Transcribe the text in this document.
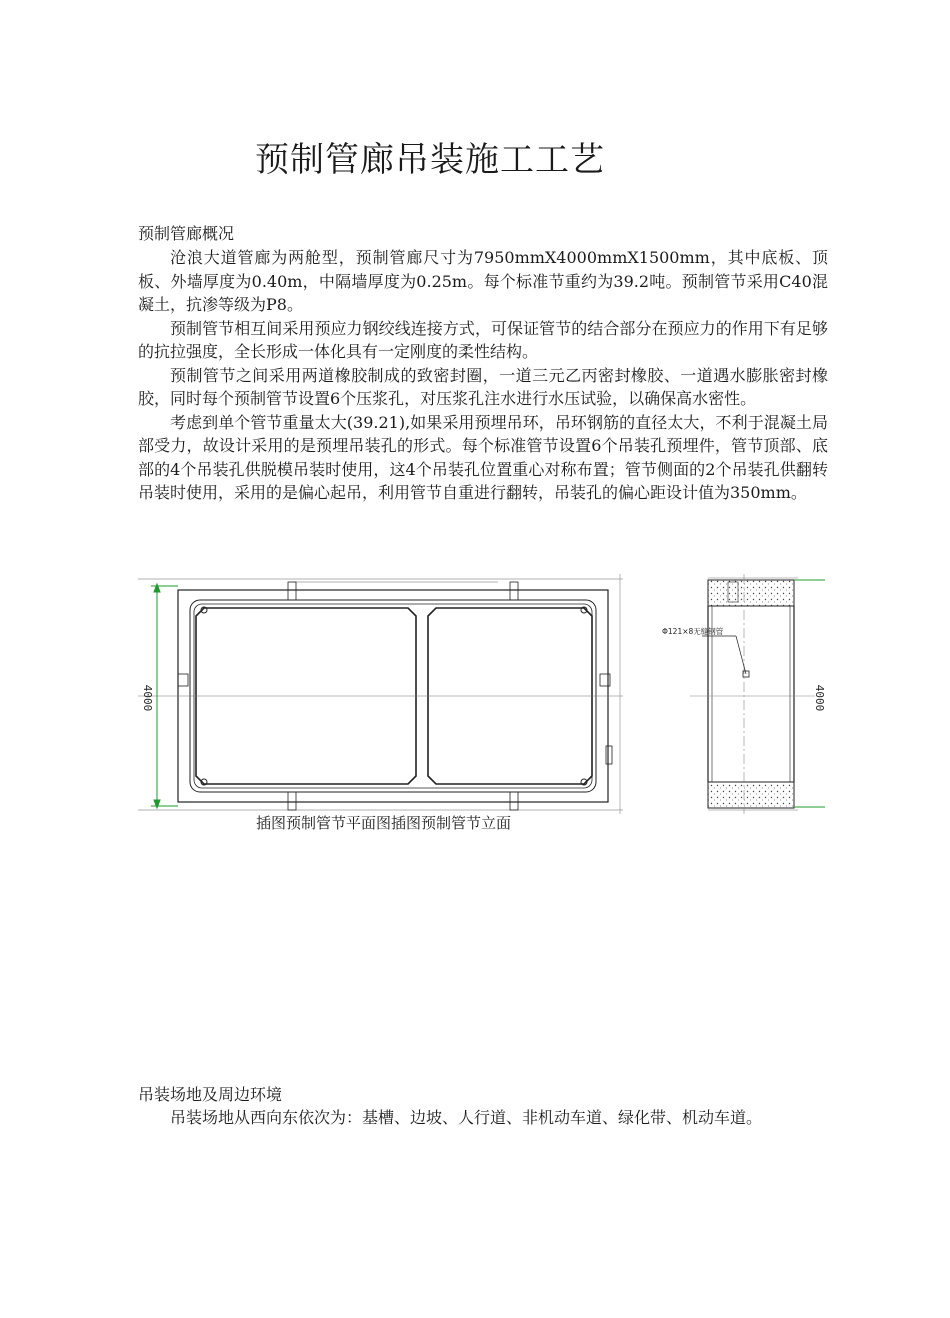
预制管廊吊装施工工艺
预制管廊概况

沧浪大道管廊为两舱型，预制管廊尺寸为7950mmX4000mmX1500mm，其中底板、顶板、外墙厚度为0.40m，中隔墙厚度为0.25m。每个标准节重约为39.2吨。预制管节采用C40混凝土，抗渗等级为P8。

预制管节相互间采用预应力钢绞线连接方式，可保证管节的结合部分在预应力的作用下有足够的抗拉强度，全长形成一体化具有一定刚度的柔性结构。

预制管节之间采用两道橡胶制成的致密封圈，一道三元乙丙密封橡胶、一道遇水膨胀密封橡胶，同时每个预制管节设置6个压浆孔，对压浆孔注水进行水压试验，以确保高水密性。

考虑到单个管节重量太大(39.21),如果采用预埋吊环，吊环钢筋的直径太大，不利于混凝土局部受力，故设计采用的是预埋吊装孔的形式。每个标准管节设置6个吊装孔预埋件，管节顶部、底部的4个吊装孔供脱模吊装时使用，这4个吊装孔位置重心对称布置；管节侧面的2个吊装孔供翻转吊装时使用，采用的是偏心起吊，利用管节自重进行翻转，吊装孔的偏心距设计值为350mm。

4000
Φ121×8无缝钢管
4000

插图预制管节平面图插图预制管节立面

吊装场地及周边环境

吊装场地从西向东依次为：基槽、边坡、人行道、非机动车道、绿化带、机动车道。
